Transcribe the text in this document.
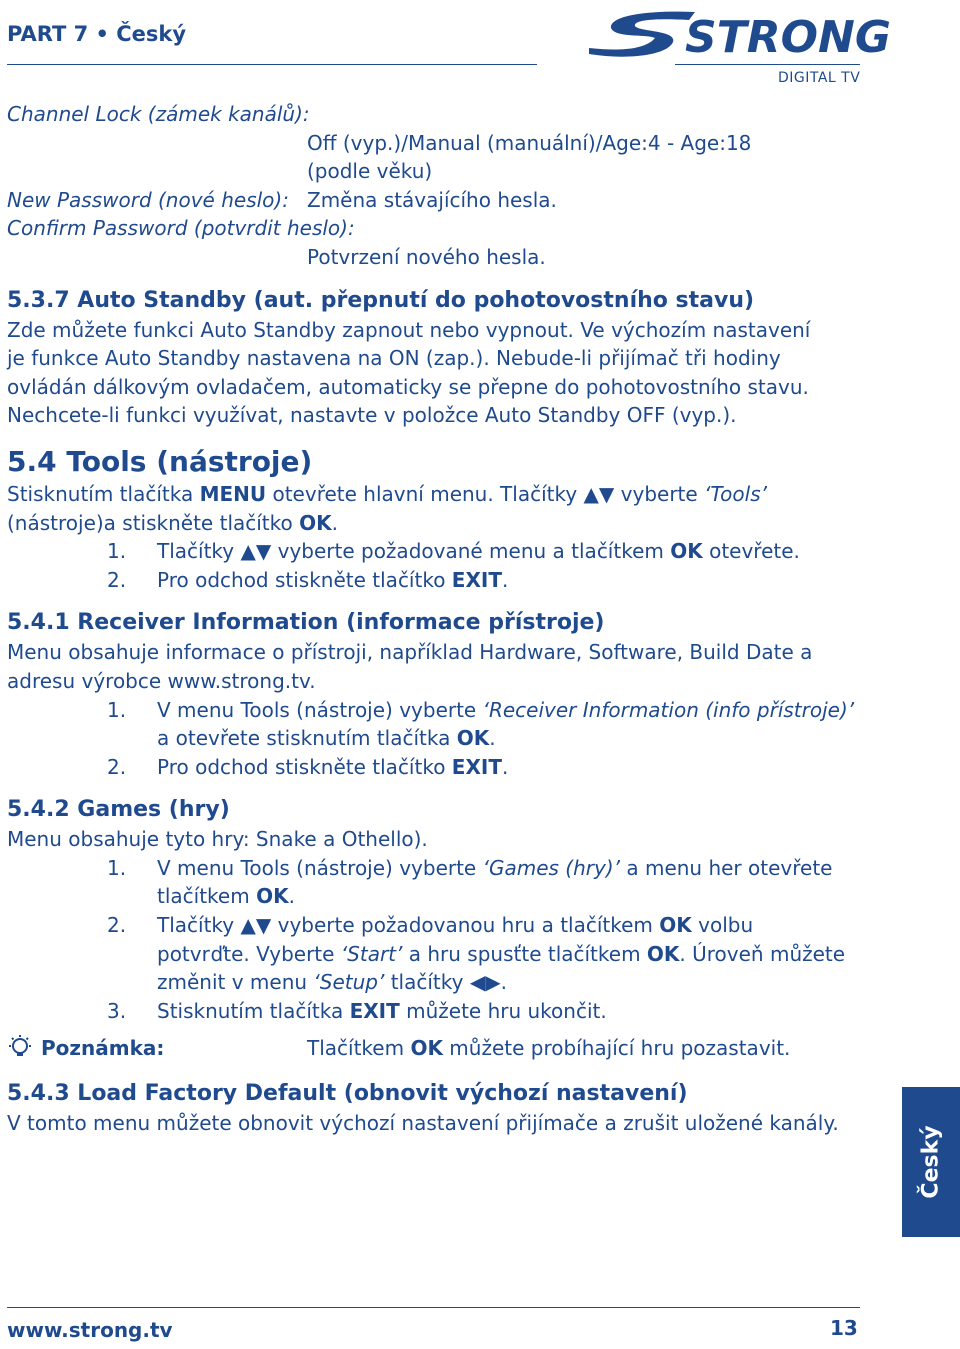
PART 7 • Český	STRONG
DIGITAL TV
Channel Lock (zámek kanálů):
Off (vyp.)/Manual (manuální)/Age:4 - Age:18
(podle věku)
New Password (nové heslo): Změna stávajícího hesla.
Confirm Password (potvrdit heslo):
Potvrzení nového hesla.
5.3.7 Auto Standby (aut. přepnutí do pohotovostního stavu)
Zde můžete funkci Auto Standby zapnout nebo vypnout. Ve výchozím nastavení
je funkce Auto Standby nastavena na ON (zap.). Nebude-li přijímač tři hodiny
ovládán dálkovým ovladačem, automaticky se přepne do pohotovostního stavu.
Nechcete-li funkci využívat, nastavte v položce Auto Standby OFF (vyp.).
5.4 Tools (nástroje)
Stisknutím tlačítka MENU otevřete hlavní menu. Tlačítky ▲▼ vyberte ‘Tools’
(nástroje)a stiskněte tlačítko OK.
1. Tlačítky ▲▼ vyberte požadované menu a tlačítkem OK otevřete.
2. Pro odchod stiskněte tlačítko EXIT.
5.4.1 Receiver Information (informace přístroje)
Menu obsahuje informace o přístroji, například Hardware, Software, Build Date a
adresu výrobce www.strong.tv.
1. V menu Tools (nástroje) vyberte ‘Receiver Information (info přístroje)’
a otevřete stisknutím tlačítka OK.
2. Pro odchod stiskněte tlačítko EXIT.
5.4.2 Games (hry)
Menu obsahuje tyto hry: Snake a Othello).
1. V menu Tools (nástroje) vyberte ‘Games (hry)’ a menu her otevřete
tlačítkem OK.
2. Tlačítky ▲▼ vyberte požadovanou hru a tlačítkem OK volbu
potvrďte. Vyberte ‘Start’ a hru spusťte tlačítkem OK. Úroveň můžete
změnit v menu ‘Setup’ tlačítky ◀▶.
3. Stisknutím tlačítka EXIT můžete hru ukončit.
Poznámka:	Tlačítkem OK můžete probíhající hru pozastavit.
5.4.3 Load Factory Default (obnovit výchozí nastavení)
V tomto menu můžete obnovit výchozí nastavení přijímače a zrušit uložené kanály.
Český
www.strong.tv	13
